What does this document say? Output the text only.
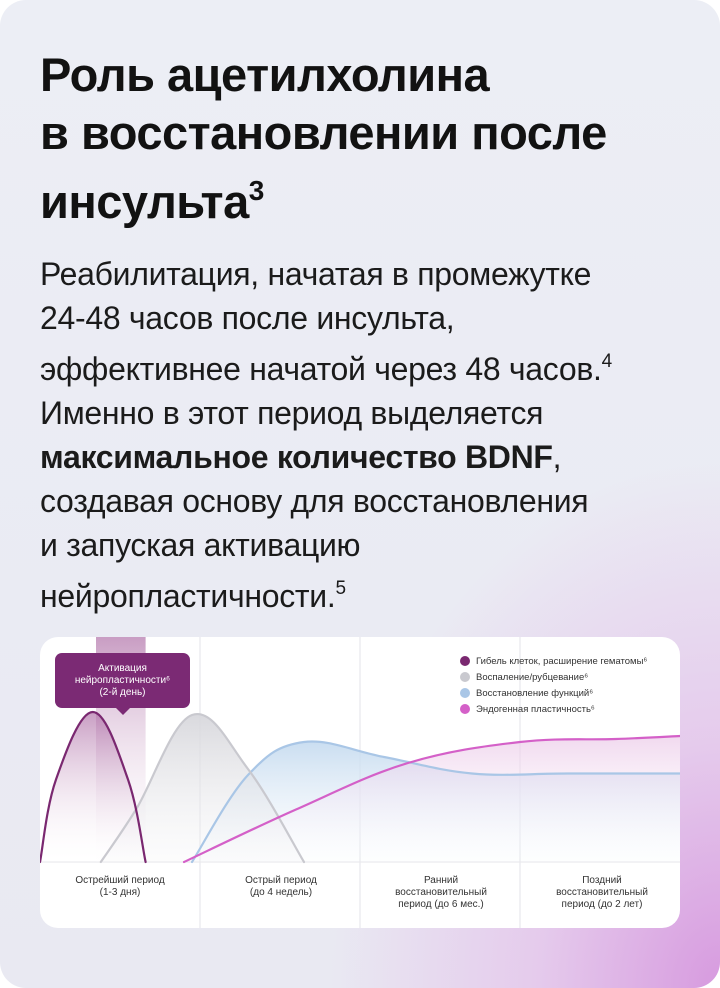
Роль ацетилхолина
в восстановлении после
инсульта$^3$
Реабилитация, начатая в промежутке
24-48 часов после инсульта,
эффективнее начатой через 48 часов.$^4$
Именно в этот период выделяется
максимальное количество BDNF,
создавая основу для восстановления
и запуская активацию
нейропластичности.$^5$
Активация
нейропластичности⁶
(2-й день)
Гибель клеток, расширение гематомы⁶
Воспаление/рубцевание⁶
Восстановление функций⁶
Эндогенная пластичность⁶
Острейший период
(1-3 дня)
Острый период
(до 4 недель)
Ранний
восстановительный
период (до 6 мес.)
Поздний
восстановительный
период (до 2 лет)
